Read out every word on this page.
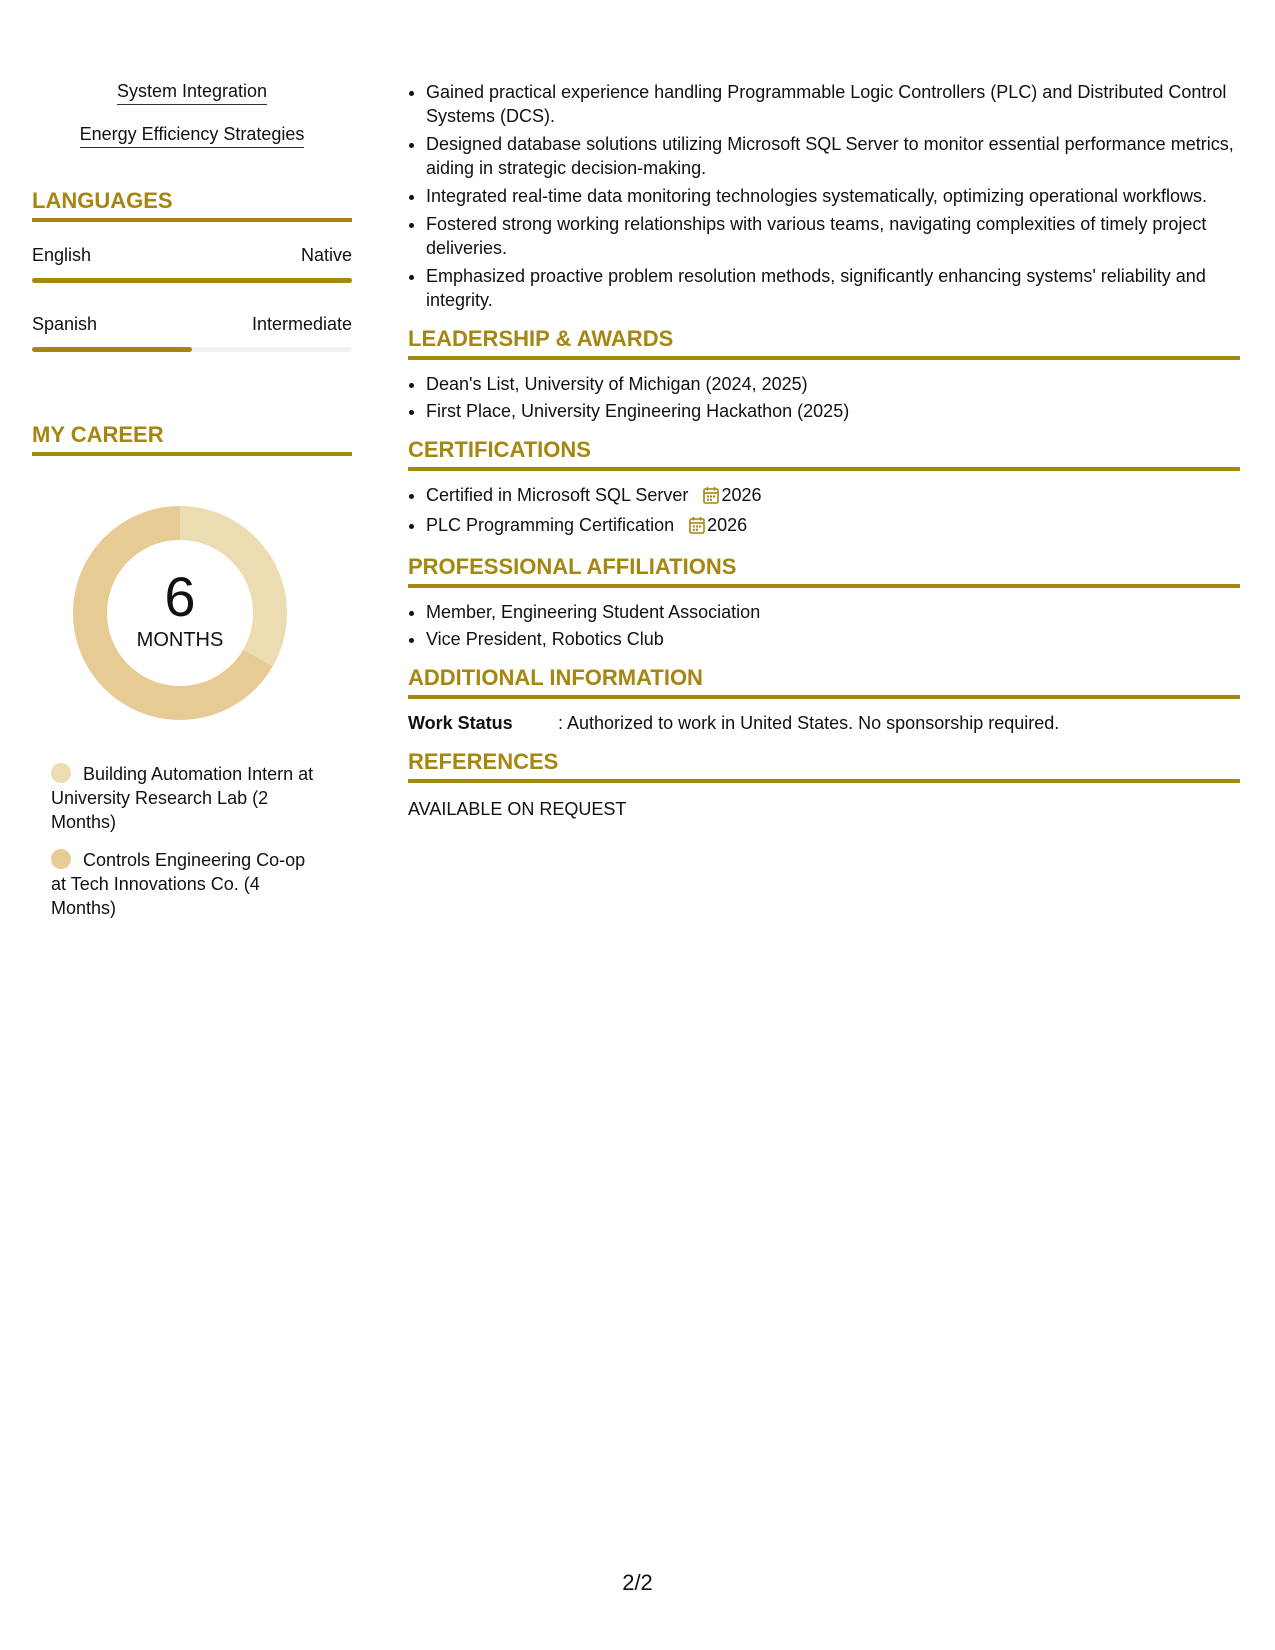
System Integration
Energy Efficiency Strategies
LANGUAGES
English	Native
Spanish	Intermediate
MY CAREER
6
MONTHS
Building Automation Intern at University Research Lab (2 Months)
Controls Engineering Co-op at Tech Innovations Co. (4 Months)
• Gained practical experience handling Programmable Logic Controllers (PLC) and Distributed Control Systems (DCS).
• Designed database solutions utilizing Microsoft SQL Server to monitor essential performance metrics, aiding in strategic decision-making.
• Integrated real-time data monitoring technologies systematically, optimizing operational workflows.
• Fostered strong working relationships with various teams, navigating complexities of timely project deliveries.
• Emphasized proactive problem resolution methods, significantly enhancing systems' reliability and integrity.
LEADERSHIP & AWARDS
• Dean's List, University of Michigan (2024, 2025)
• First Place, University Engineering Hackathon (2025)
CERTIFICATIONS
• Certified in Microsoft SQL Server 2026
• PLC Programming Certification 2026
PROFESSIONAL AFFILIATIONS
• Member, Engineering Student Association
• Vice President, Robotics Club
ADDITIONAL INFORMATION
Work Status	: Authorized to work in United States. No sponsorship required.
REFERENCES
AVAILABLE ON REQUEST
2/2
